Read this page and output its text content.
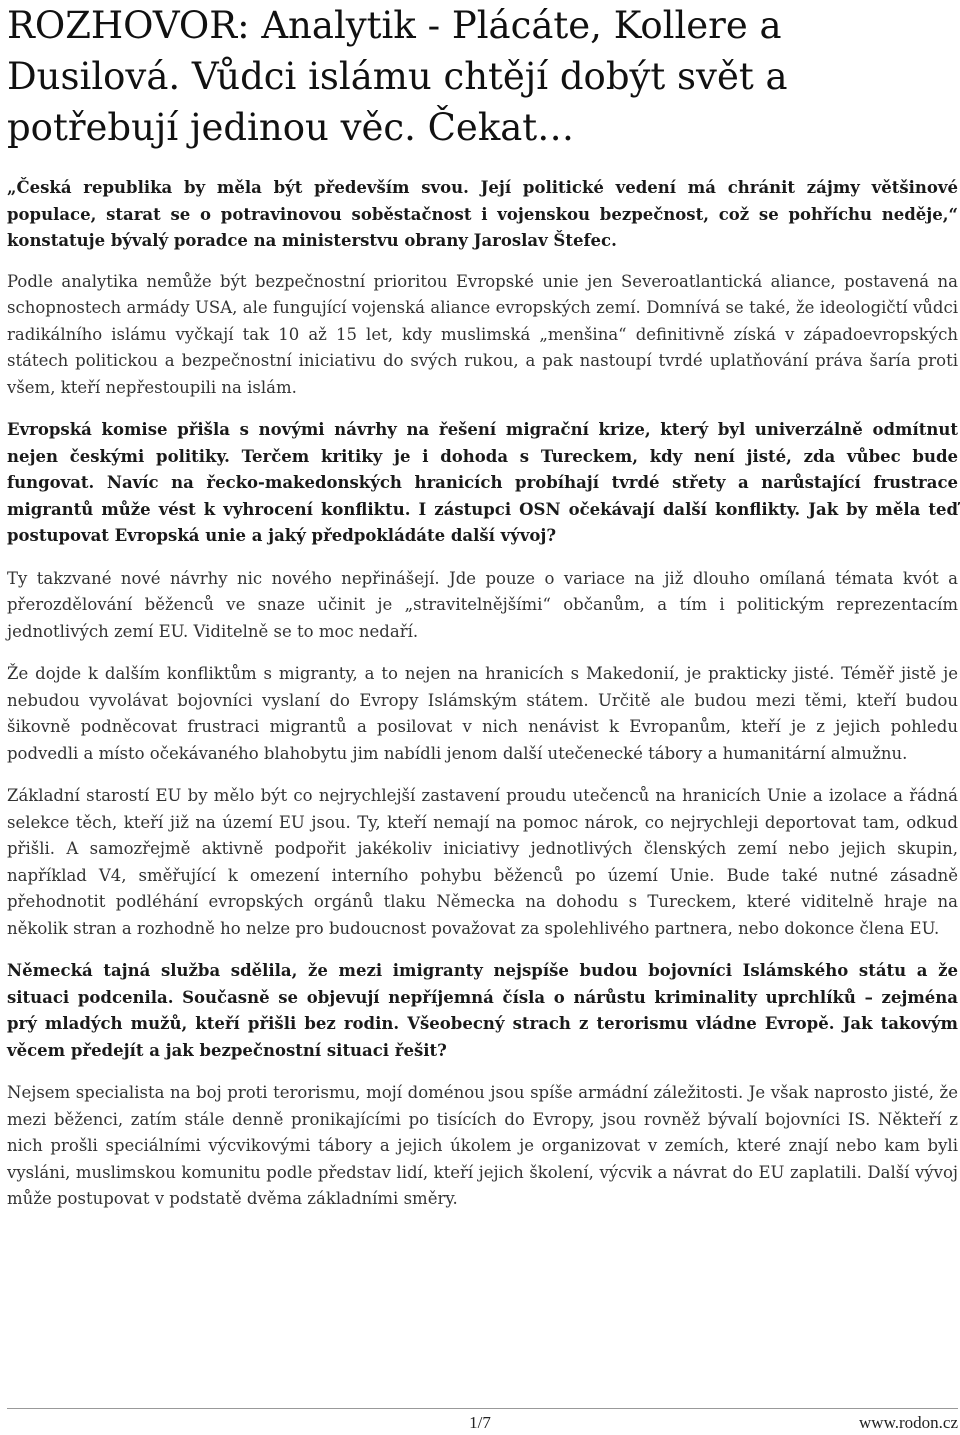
ROZHOVOR: Analytik - Plácáte, Kollere a Dusilová. Vůdci islámu chtějí dobýt svět a potřebují jedinou věc. Čekat…

„Česká republika by měla být především svou. Její politické vedení má chránit zájmy většinové populace, starat se o potravinovou soběstačnost i vojenskou bezpečnost, což se pohříchu neděje,“ konstatuje bývalý poradce na ministerstvu obrany Jaroslav Štefec.

Podle analytika nemůže být bezpečnostní prioritou Evropské unie jen Severoatlantická aliance, postavená na schopnostech armády USA, ale fungující vojenská aliance evropských zemí. Domnívá se také, že ideologičtí vůdci radikálního islámu vyčkají tak 10 až 15 let, kdy muslimská „menšina“ definitivně získá v západoevropských státech politickou a bezpečnostní iniciativu do svých rukou, a pak nastoupí tvrdé uplatňování práva šaría proti všem, kteří nepřestoupili na islám.

Evropská komise přišla s novými návrhy na řešení migrační krize, který byl univerzálně odmítnut nejen českými politiky. Terčem kritiky je i dohoda s Tureckem, kdy není jisté, zda vůbec bude fungovat. Navíc na řecko-makedonských hranicích probíhají tvrdé střety a narůstající frustrace migrantů může vést k vyhrocení konfliktu. I zástupci OSN očekávají další konflikty. Jak by měla teď postupovat Evropská unie a jaký předpokládáte další vývoj?

Ty takzvané nové návrhy nic nového nepřinášejí. Jde pouze o variace na již dlouho omílaná témata kvót a přerozdělování běženců ve snaze učinit je „stravitelnějšími“ občanům, a tím i politickým reprezentacím jednotlivých zemí EU. Viditelně se to moc nedaří.

Že dojde k dalším konfliktům s migranty, a to nejen na hranicích s Makedonií, je prakticky jisté. Téměř jistě je nebudou vyvolávat bojovníci vyslaní do Evropy Islámským státem. Určitě ale budou mezi těmi, kteří budou šikovně podněcovat frustraci migrantů a posilovat v nich nenávist k Evropanům, kteří je z jejich pohledu podvedli a místo očekávaného blahobytu jim nabídli jenom další utečenecké tábory a humanitární almužnu.

Základní starostí EU by mělo být co nejrychlejší zastavení proudu utečenců na hranicích Unie a izolace a řádná selekce těch, kteří již na území EU jsou. Ty, kteří nemají na pomoc nárok, co nejrychleji deportovat tam, odkud přišli. A samozřejmě aktivně podpořit jakékoliv iniciativy jednotlivých členských zemí nebo jejich skupin, například V4, směřující k omezení interního pohybu běženců po území Unie. Bude také nutné zásadně přehodnotit podléhání evropských orgánů tlaku Německa na dohodu s Tureckem, které viditelně hraje na několik stran a rozhodně ho nelze pro budoucnost považovat za spolehlivého partnera, nebo dokonce člena EU.

Německá tajná služba sdělila, že mezi imigranty nejspíše budou bojovníci Islámského státu a že situaci podcenila. Současně se objevují nepříjemná čísla o nárůstu kriminality uprchlíků – zejména prý mladých mužů, kteří přišli bez rodin. Všeobecný strach z terorismu vládne Evropě. Jak takovým věcem předejít a jak bezpečnostní situaci řešit?

Nejsem specialista na boj proti terorismu, mojí doménou jsou spíše armádní záležitosti. Je však naprosto jisté, že mezi běženci, zatím stále denně pronikajícími po tisících do Evropy, jsou rovněž bývalí bojovníci IS. Někteří z nich prošli speciálními výcvikovými tábory a jejich úkolem je organizovat v zemích, které znají nebo kam byli vysláni, muslimskou komunitu podle představ lidí, kteří jejich školení, výcvik a návrat do EU zaplatili. Další vývoj může postupovat v podstatě dvěma základními směry.

1/7	www.rodon.cz
